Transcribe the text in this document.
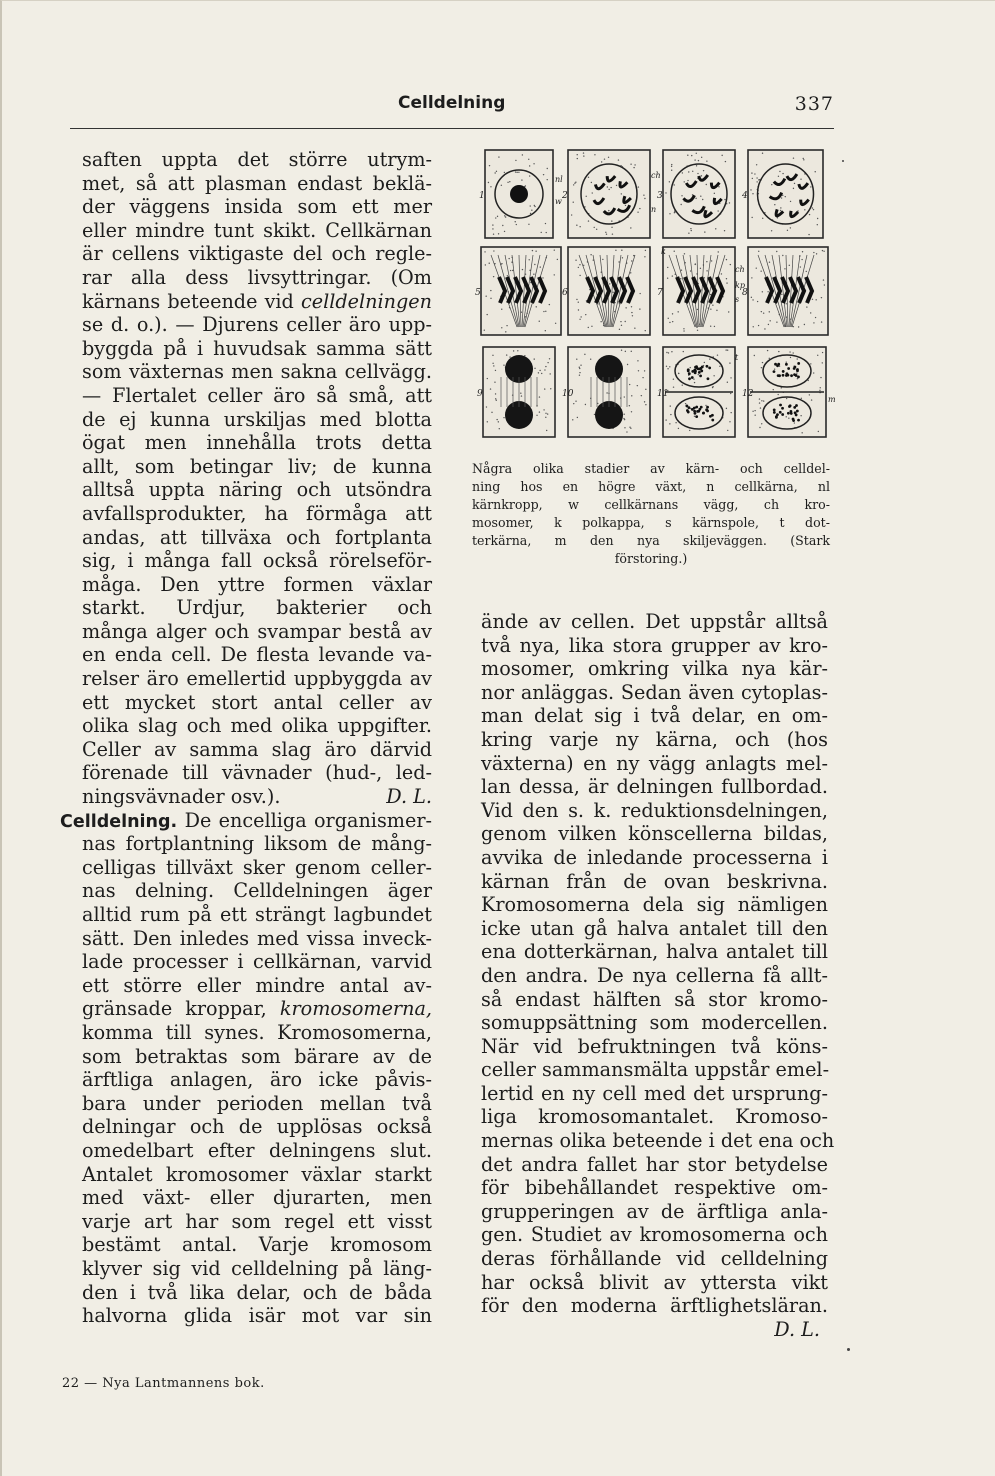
Celldelning	337
saften uppta det större utrym-
met, så att plasman endast beklä-
der väggens insida som ett mer
eller mindre tunt skikt. Cellkärnan
är cellens viktigaste del och regle-
rar alla dess livsyttringar. (Om
kärnans beteende vid celldelningen
se d. o.). — Djurens celler äro upp-
byggda på i huvudsak samma sätt
som växternas men sakna cellvägg.
— Flertalet celler äro så små, att
de ej kunna urskiljas med blotta
ögat men innehålla trots detta
allt, som betingar liv; de kunna
alltså uppta näring och utsöndra
avfallsprodukter, ha förmåga att
andas, att tillväxa och fortplanta
sig, i många fall också rörelseför-
måga. Den yttre formen växlar
starkt. Urdjur, bakterier och
många alger och svampar bestå av
en enda cell. De flesta levande va-
relser äro emellertid uppbyggda av
ett mycket stort antal celler av
olika slag och med olika uppgifter.
Celler av samma slag äro därvid
förenade till vävnader (hud-, led-
ningsvävnader osv.).	D. L.
Celldelning. De encelliga organismer-
nas fortplantning liksom de mång-
celligas tillväxt sker genom celler-
nas delning. Celldelningen äger
alltid rum på ett strängt lagbundet
sätt. Den inledes med vissa inveck-
lade processer i cellkärnan, varvid
ett större eller mindre antal av-
gränsade kroppar, kromosomerna,
komma till synes. Kromosomerna,
som betraktas som bärare av de
ärftliga anlagen, äro icke påvis-
bara under perioden mellan två
delningar och de upplösas också
omedelbart efter delningens slut.
Antalet kromosomer växlar starkt
med växt- eller djurarten, men
varje art har som regel ett visst
bestämt antal. Varje kromosom
klyver sig vid celldelning på läng-
den i två lika delar, och de båda
halvorna glida isär mot var sin
1	2	3	4
5	6	7	8
9	10	11	12
nl
w
n
ch
k
ch
kp
s
t
m
Några olika stadier av kärn- och celldel-
ning hos en högre växt, n cellkärna, nl
kärnkropp, w cellkärnans vägg, ch kro-
mosomer, k polkappa, s kärnspole, t dot-
terkärna, m den nya skiljeväggen. (Stark
förstoring.)
ände av cellen. Det uppstår alltså
två nya, lika stora grupper av kro-
mosomer, omkring vilka nya kär-
nor anläggas. Sedan även cytoplas-
man delat sig i två delar, en om-
kring varje ny kärna, och (hos
växterna) en ny vägg anlagts mel-
lan dessa, är delningen fullbordad.
Vid den s. k. reduktionsdelningen,
genom vilken könscellerna bildas,
avvika de inledande processerna i
kärnan från de ovan beskrivna.
Kromosomerna dela sig nämligen
icke utan gå halva antalet till den
ena dotterkärnan, halva antalet till
den andra. De nya cellerna få allt-
så endast hälften så stor kromo-
somuppsättning som modercellen.
När vid befruktningen två köns-
celler sammansmälta uppstår emel-
lertid en ny cell med det ursprung-
liga kromosomantalet. Kromoso-
mernas olika beteende i det ena och
det andra fallet har stor betydelse
för bibehållandet respektive om-
grupperingen av de ärftliga anla-
gen. Studiet av kromosomerna och
deras förhållande vid celldelning
har också blivit av yttersta vikt
för den moderna ärftlighetsläran.
D. L.
22 — Nya Lantmannens bok.
